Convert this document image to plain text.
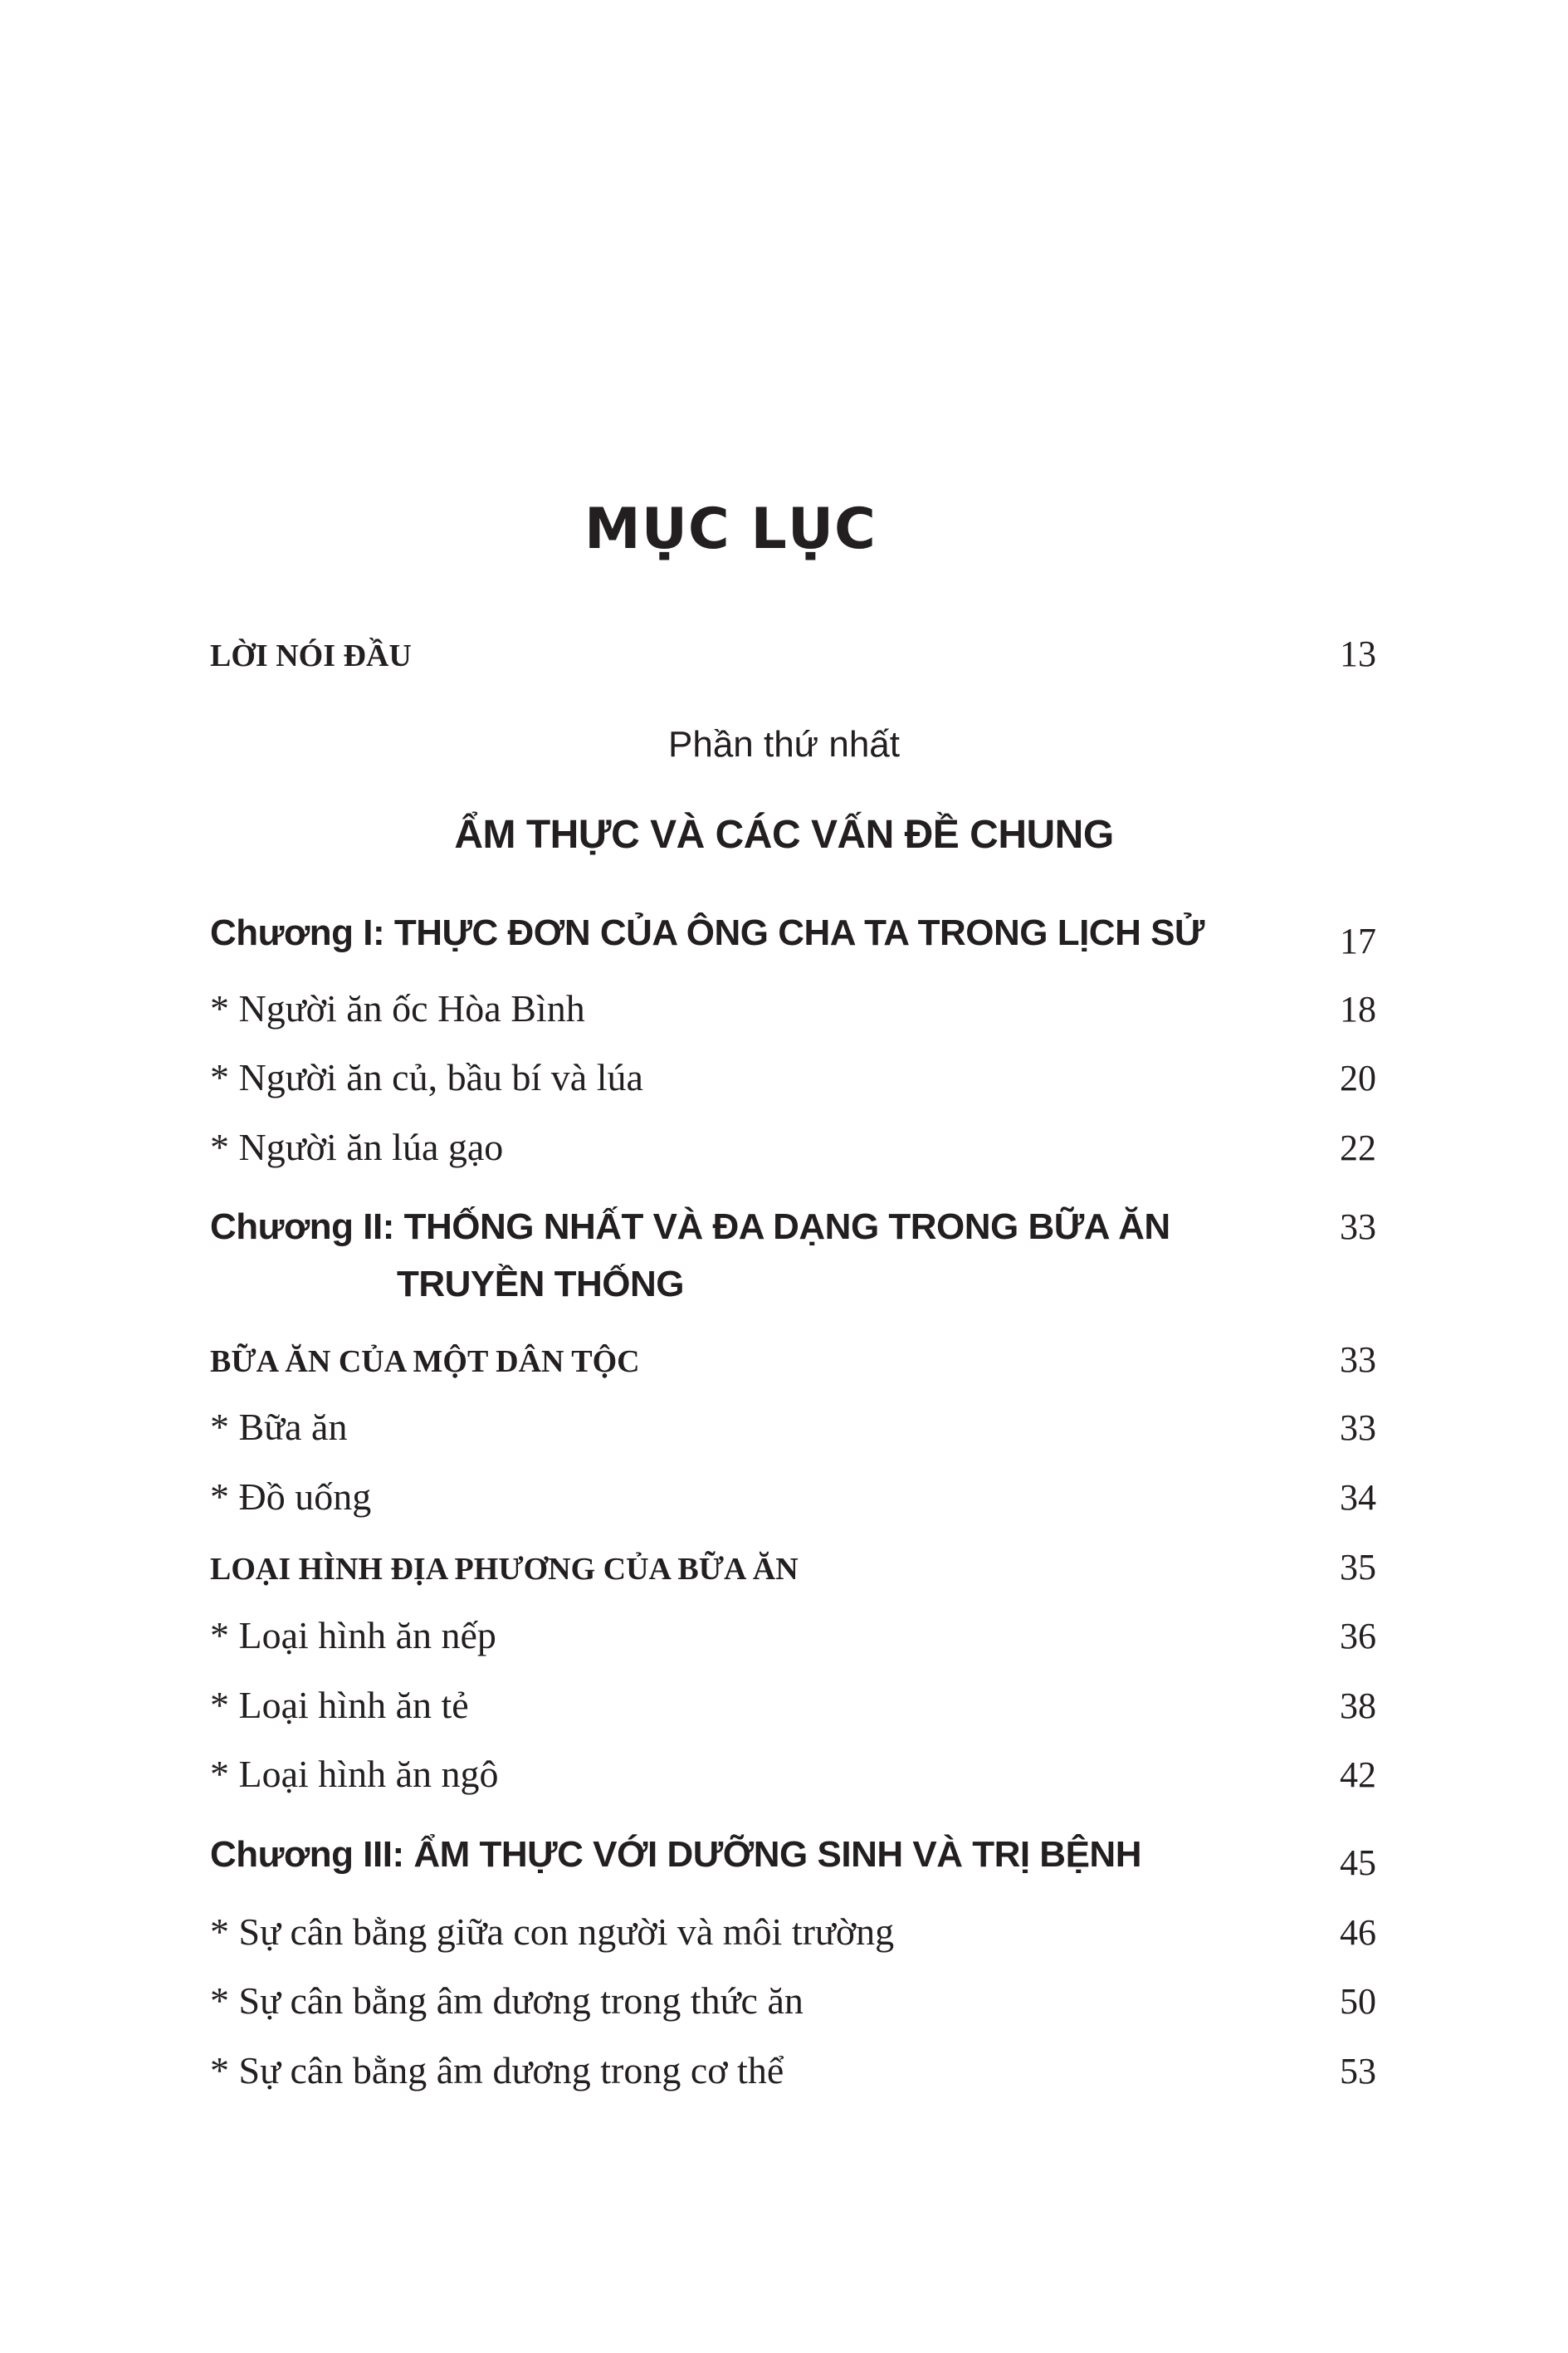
MỤC LỤC
LỜI NÓI ĐẦU	13
Phần thứ nhất
ẨM THỰC VÀ CÁC VẤN ĐỀ CHUNG
Chương I: THỰC ĐƠN CỦA ÔNG CHA TA TRONG LỊCH SỬ	17
* Người ăn ốc Hòa Bình	18
* Người ăn củ, bầu bí và lúa	20
* Người ăn lúa gạo	22
Chương II: THỐNG NHẤT VÀ ĐA DẠNG TRONG BỮA ĂN	33
TRUYỀN THỐNG
BỮA ĂN CỦA MỘT DÂN TỘC	33
* Bữa ăn	33
* Đồ uống	34
LOẠI HÌNH ĐỊA PHƯƠNG CỦA BỮA ĂN	35
* Loại hình ăn nếp	36
* Loại hình ăn tẻ	38
* Loại hình ăn ngô	42
Chương III: ẨM THỰC VỚI DƯỠNG SINH VÀ TRỊ BỆNH	45
* Sự cân bằng giữa con người và môi trường	46
* Sự cân bằng âm dương trong thức ăn	50
* Sự cân bằng âm dương trong cơ thể	53
